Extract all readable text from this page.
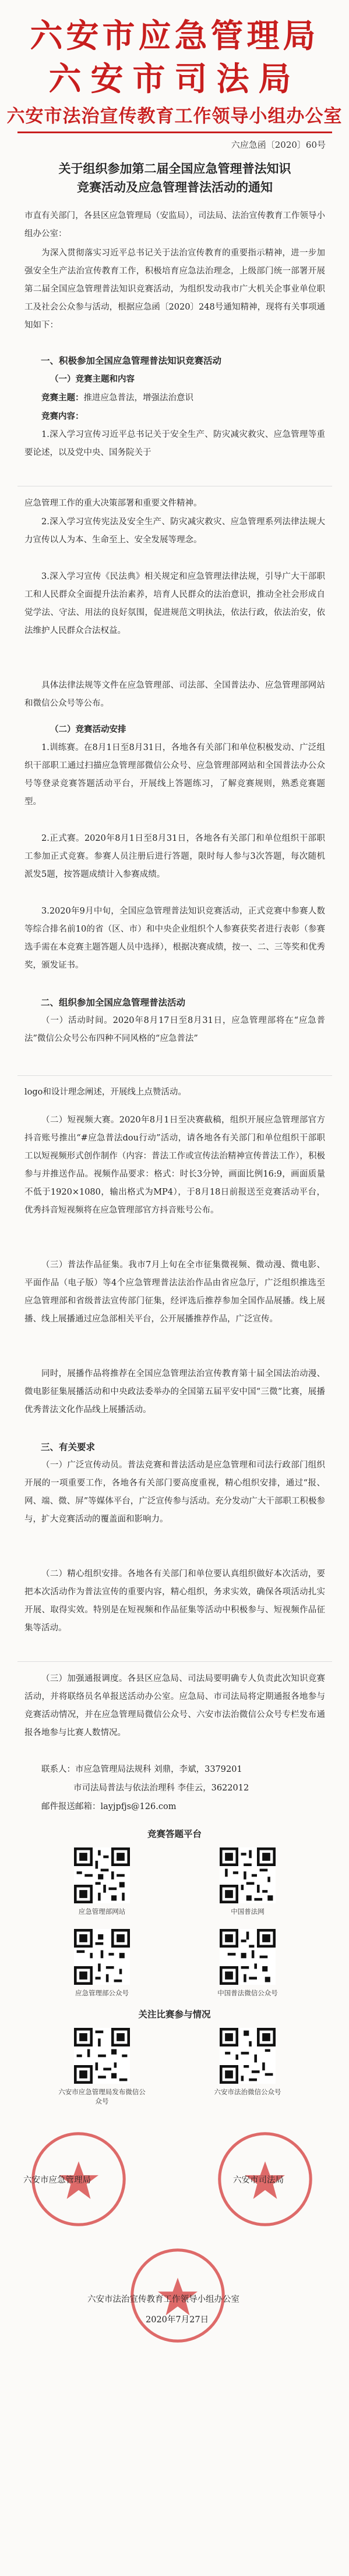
六安市应急管理局
六安市司法局
六安市法治宣传教育工作领导小组办公室
六应急函〔2020〕60号
关于组织参加第二届全国应急管理普法知识
竞赛活动及应急管理普法活动的通知
市直有关部门，各县区应急管理局（安监局），司法局、法治宣传教育工作领导小组办公室：
为深入贯彻落实习近平总书记关于法治宣传教育的重要指示精神，进一步加强安全生产法治宣传教育工作，积极培育应急法治理念，上级部门统一部署开展第二届全国应急管理普法知识竞赛活动，为组织发动我市广大机关企事业单位职工及社会公众参与活动，根据应急函〔2020〕248号通知精神，现将有关事项通知如下：
一、积极参加全国应急管理普法知识竞赛活动
（一）竞赛主题和内容
竞赛主题：推进应急普法，增强法治意识
竞赛内容：
1.深入学习宣传习近平总书记关于安全生产、防灾减灾救灾、应急管理等重要论述，以及党中央、国务院关于
应急管理工作的重大决策部署和重要文件精神。
2.深入学习宣传宪法及安全生产、防灾减灾救灾、应急管理系列法律法规大力宣传以人为本、生命至上、安全发展等理念。
3.深入学习宣传《民法典》相关规定和应急管理法律法规，引导广大干部职工和人民群众全面提升法治素养，培育人民群众的法治意识，推动全社会形成自觉学法、守法、用法的良好氛围，促进规范文明执法，依法行政，依法治安，依法维护人民群众合法权益。
具体法律法规等文件在应急管理部、司法部、全国普法办、应急管理部网站和微信公众号等公布。
（二）竞赛活动安排
1.训练赛。在8月1日至8月31日，各地各有关部门和单位积极发动、广泛组织干部职工通过扫描应急管理部微信公众号、应急管理部网站和全国普法办公众号等登录竞赛答题活动平台，开展线上答题练习，了解竞赛规则，熟悉竞赛题型。
2.正式赛。2020年8月1日至8月31日，各地各有关部门和单位组织干部职工参加正式竞赛。参赛人员注册后进行答题，限时每人参与3次答题，每次随机派发5题，按答题成绩计入参赛成绩。
3.2020年9月中旬，全国应急管理普法知识竞赛活动，正式竞赛中参赛人数等综合排名前10的省（区、市）和中央企业组织个人参赛获奖者进行表彰（参赛选手需在本竞赛主题答题人员中选择），根据决赛成绩，按一、二、三等奖和优秀奖，颁发证书。
二、组织参加全国应急管理普法活动
（一）活动时间。2020年8月17日至8月31日，应急管理部将在“应急普法”微信公众号公布四种不同风格的“应急普法”
logo和设计理念阐述，开展线上点赞活动。
（二）短视频大赛。2020年8月1日至决赛截稿，组织开展应急管理部官方抖音账号推出“#应急普法dou行动”活动，请各地各有关部门和单位组织干部职工以短视频形式创作制作（内容：普法工作或宣传法治精神宣传普法工作），积极参与并推送作品。视频作品要求：格式：时长3分钟，画面比例16:9，画面质量不低于1920×1080，输出格式为MP4），于8月18日前报送至竞赛活动平台，优秀抖音短视频将在应急管理部官方抖音账号公布。
（三）普法作品征集。我市7月上旬在全市征集微视频、微动漫、微电影、平面作品（电子版）等4个应急管理普法法治作品由省应急厅，广泛组织推选至应急管理部和省级普法宣传部门征集，经评选后推荐参加全国作品展播。线上展播、线上展播通过应急部相关平台，公开展播推荐作品，广泛宣传。
同时，展播作品将推荐在全国应急管理法治宣传教育第十届全国法治动漫、微电影征集展播活动和中央政法委举办的全国第五届平安中国“三微”比赛，展播优秀普法文化作品线上展播活动。
三、有关要求
（一）广泛宣传动员。普法竞赛和普法活动是应急管理和司法行政部门组织开展的一项重要工作，各地各有关部门要高度重视，精心组织安排，通过“报、网、端、微、屏”等媒体平台，广泛宣传参与活动。充分发动广大干部职工积极参与，扩大竞赛活动的覆盖面和影响力。
（二）精心组织安排。各地各有关部门和单位要认真组织做好本次活动，要把本次活动作为普法宣传的重要内容，精心组织，务求实效，确保各项活动扎实开展、取得实效。特别是在短视频和作品征集等活动中积极参与、短视频作品征集等活动。
（三）加强通报调度。各县区应急局、司法局要明确专人负责此次知识竞赛活动，并将联络员名单报送活动办公室。应急局、市司法局将定期通报各地参与竞赛活动情况，并在应急管理局微信公众号、六安市法治微信公众号专栏发布通报各地参与比赛人数情况。
联系人：市应急管理局法规科 刘鼎，李斌，3379201
市司法局普法与依法治理科 李佳云，3622012
邮件报送邮箱：layjpfjs@126.com
竞赛答题平台
应急管理部网站	中国普法网
应急管理部公众号	中国普法微信公众号
关注比赛参与情况
六安市应急管理局发布微信公众号
六安市法治微信公众号
六安市应急管理局	六安市司法局
六安市法治宣传教育工作领导小组办公室
2020年7月27日
